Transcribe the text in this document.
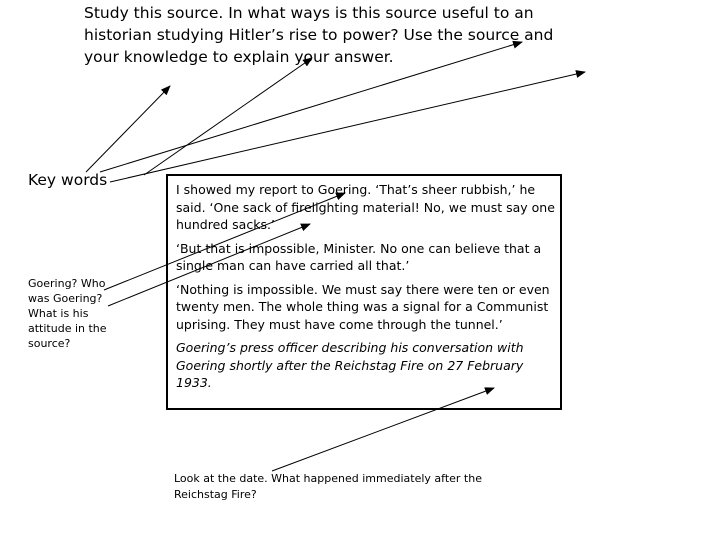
Study this source. In what ways is this source useful to an
historian studying Hitler’s rise to power? Use the source and
your knowledge to explain your answer.
Key words
Goering? Who
was Goering?
What is his
attitude in the
source?

I showed my report to Goering. ‘That’s sheer rubbish,’ he said. ‘One sack of firelighting material! No, we must say one hundred sacks.’

‘But that is impossible, Minister. No one can believe that a single man can have carried all that.’

‘Nothing is impossible. We must say there were ten or even twenty men. The whole thing was a signal for a Communist uprising. They must have come through the tunnel.’

Goering’s press officer describing his conversation with Goering shortly after the Reichstag Fire on 27 February 1933.

Look at the date. What happened immediately after the
Reichstag Fire?
